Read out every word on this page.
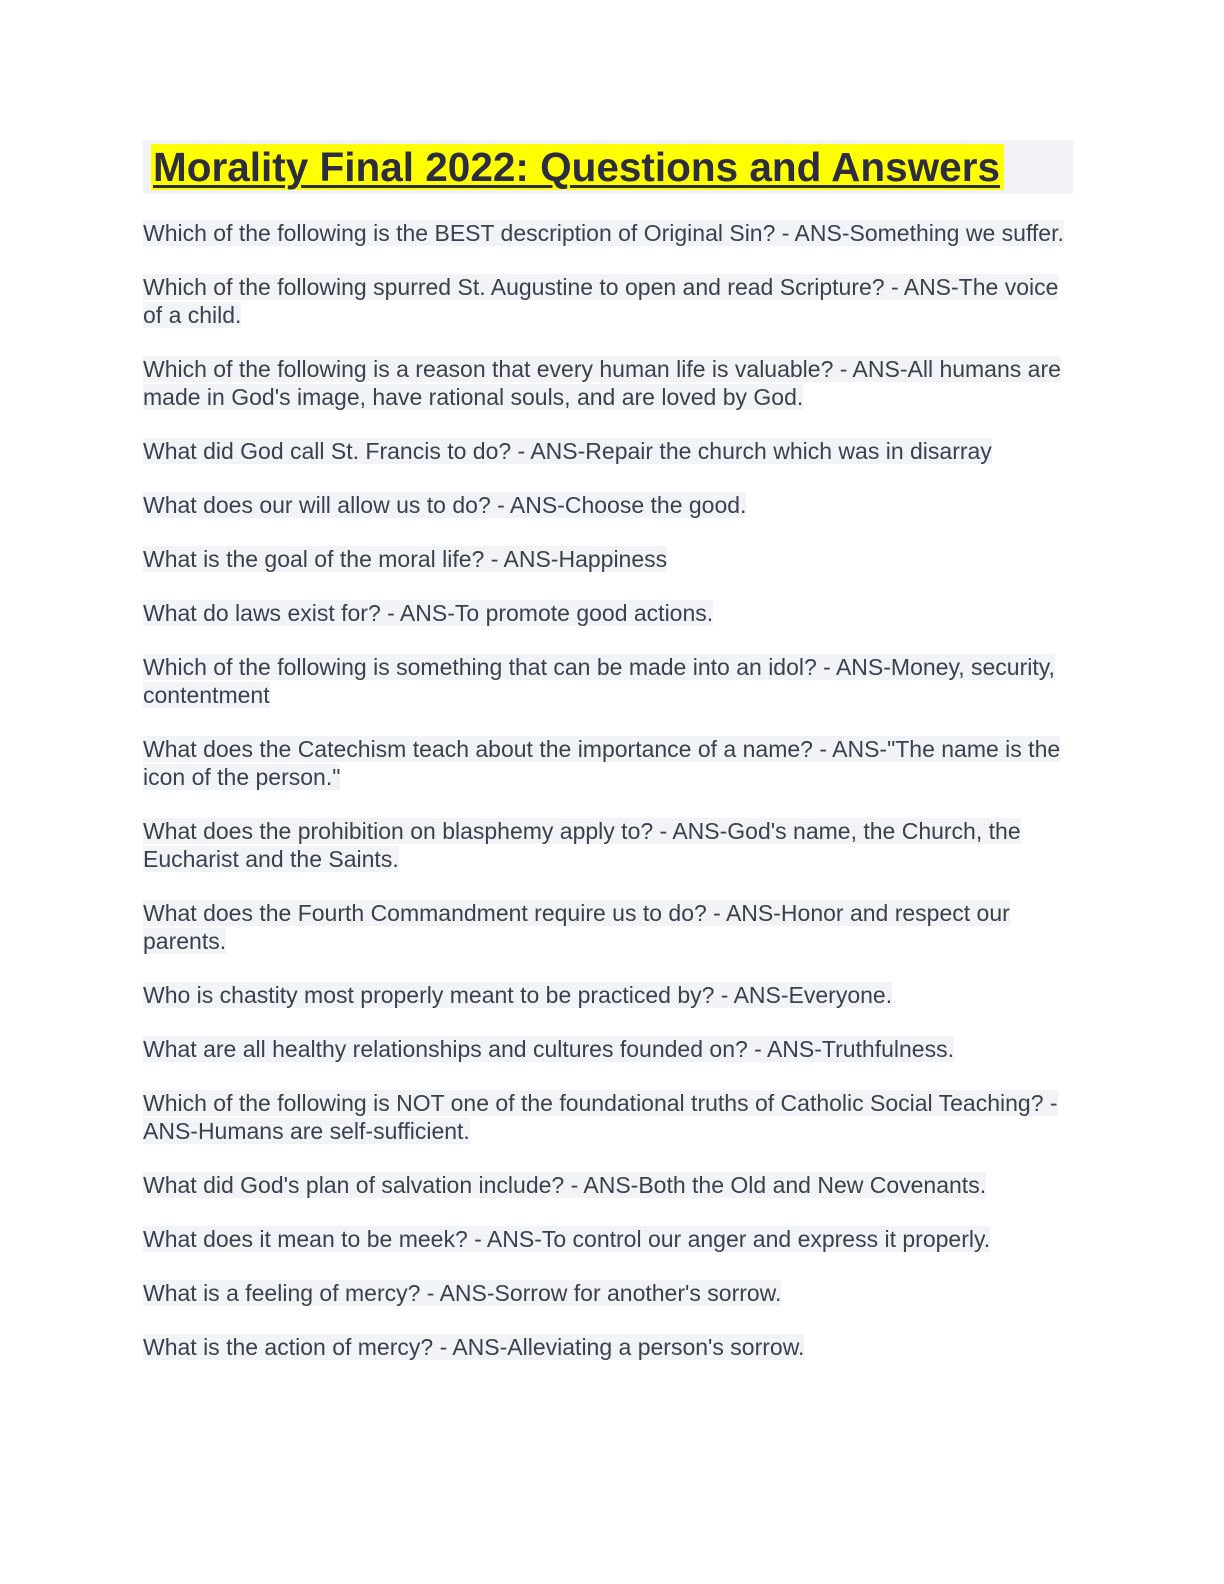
Morality Final 2022: Questions and Answers

Which of the following is the BEST description of Original Sin? - ANS-Something we suffer.

Which of the following spurred St. Augustine to open and read Scripture? - ANS-The voice of a child.

Which of the following is a reason that every human life is valuable? - ANS-All humans are made in God's image, have rational souls, and are loved by God.

What did God call St. Francis to do? - ANS-Repair the church which was in disarray

What does our will allow us to do? - ANS-Choose the good.

What is the goal of the moral life? - ANS-Happiness

What do laws exist for? - ANS-To promote good actions.

Which of the following is something that can be made into an idol? - ANS-Money, security, contentment

What does the Catechism teach about the importance of a name? - ANS-"The name is the icon of the person."

What does the prohibition on blasphemy apply to? - ANS-God's name, the Church, the Eucharist and the Saints.

What does the Fourth Commandment require us to do? - ANS-Honor and respect our parents.

Who is chastity most properly meant to be practiced by? - ANS-Everyone.

What are all healthy relationships and cultures founded on? - ANS-Truthfulness.

Which of the following is NOT one of the foundational truths of Catholic Social Teaching? - ANS-Humans are self-sufficient.

What did God's plan of salvation include? - ANS-Both the Old and New Covenants.

What does it mean to be meek? - ANS-To control our anger and express it properly.

What is a feeling of mercy? - ANS-Sorrow for another's sorrow.

What is the action of mercy? - ANS-Alleviating a person's sorrow.
